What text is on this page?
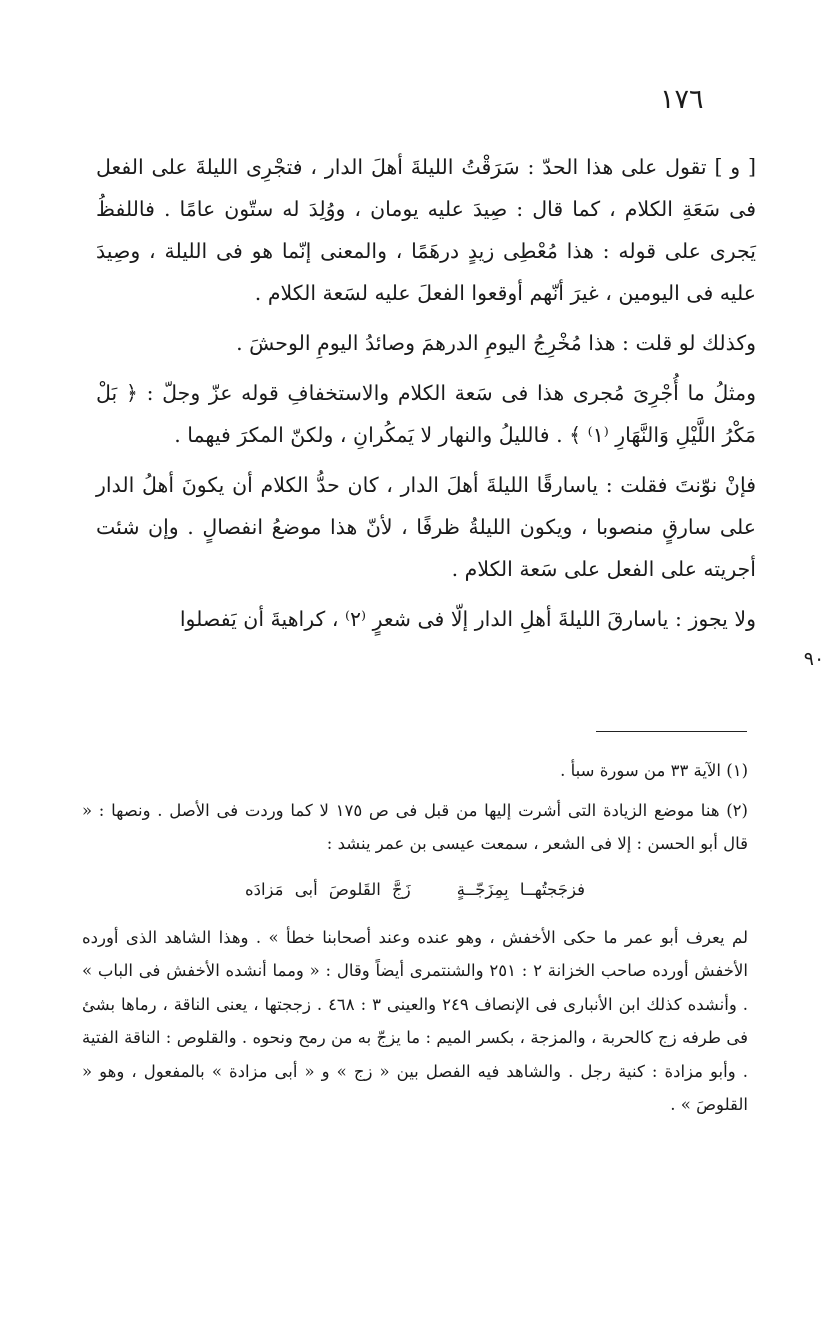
١٧٦

[ و ] تقول على هذا الحدّ : سَرَقْتُ الليلةَ أهلَ الدار ، فتجْرِى الليلةَ على الفعل فى سَعَةِ الكلام ، كما قال : صِيدَ عليه يومان ، ووُلِدَ له ستّون عامًا . فاللفظُ يَجرى على قوله : هذا مُعْطِى زيدٍ درهَمًا ، والمعنى إنّما هو فى الليلة ، وصِيدَ عليه فى اليومين ، غيرَ أنّهم أوقعوا الفعلَ عليه لسَعة الكلام .

وكذلك لو قلت : هذا مُخْرِجُ اليومِ الدرهمَ وصائدُ اليومِ الوحشَ .

ومثلُ ما أُجْرِىَ مُجرى هذا فى سَعة الكلام والاستخفافِ قوله عزّ وجلّ : ﴿ بَلْ مَكْرُ اللَّيْلِ وَالنَّهَارِ ⁽١⁾ ﴾ . فالليلُ والنهار لا يَمكُرانِ ، ولكنّ المكرَ فيهما .

فإنْ نوّنتَ فقلت : ياسارقًا الليلةَ أهلَ الدار ، كان حدُّ الكلام أن يكونَ أهلُ الدار على سارقٍ منصوبا ، ويكون الليلةُ ظرفًا ، لأنّ هذا موضعُ انفصالٍ . وإن شئت أجريته على الفعل على سَعة الكلام .

ولا يجوز : ياسارقَ الليلةَ أهلِ الدار إلّا فى شعرٍ ⁽٢⁾ ، كراهيةَ أن يَفصلوا

٩٠

(١) الآية ٣٣ من سورة سبأ .

(٢) هنا موضع الزيادة التى أشرت إليها من قبل فى ص ١٧٥ لا كما وردت فى الأصل . ونصها : « قال أبو الحسن : إلا فى الشعر ، سمعت عيسى بن عمر ينشد :

فزجَجتُهــا بِمِزَجّــةٍزَجَّ القَلوصَ أبى مَزادَه

لم يعرف أبو عمر ما حكى الأخفش ، وهو عنده وعند أصحابنا خطأ » . وهذا الشاهد الذى أورده الأخفش أورده صاحب الخزانة ٢ : ٢٥١ والشنتمرى أيضاً وقال : « ومما أنشده الأخفش فى الباب » . وأنشده كذلك ابن الأنبارى فى الإنصاف ٢٤٩ والعينى ٣ : ٤٦٨ . زججتها ، يعنى الناقة ، رماها بشئ فى طرفه زج كالحربة ، والمزجة ، بكسر الميم : ما يزجّ به من رمح ونحوه . والقلوص : الناقة الفتية . وأبو مزادة : كنية رجل . والشاهد فيه الفصل بين « زج » و « أبى مزادة » بالمفعول ، وهو « القلوصَ » .
